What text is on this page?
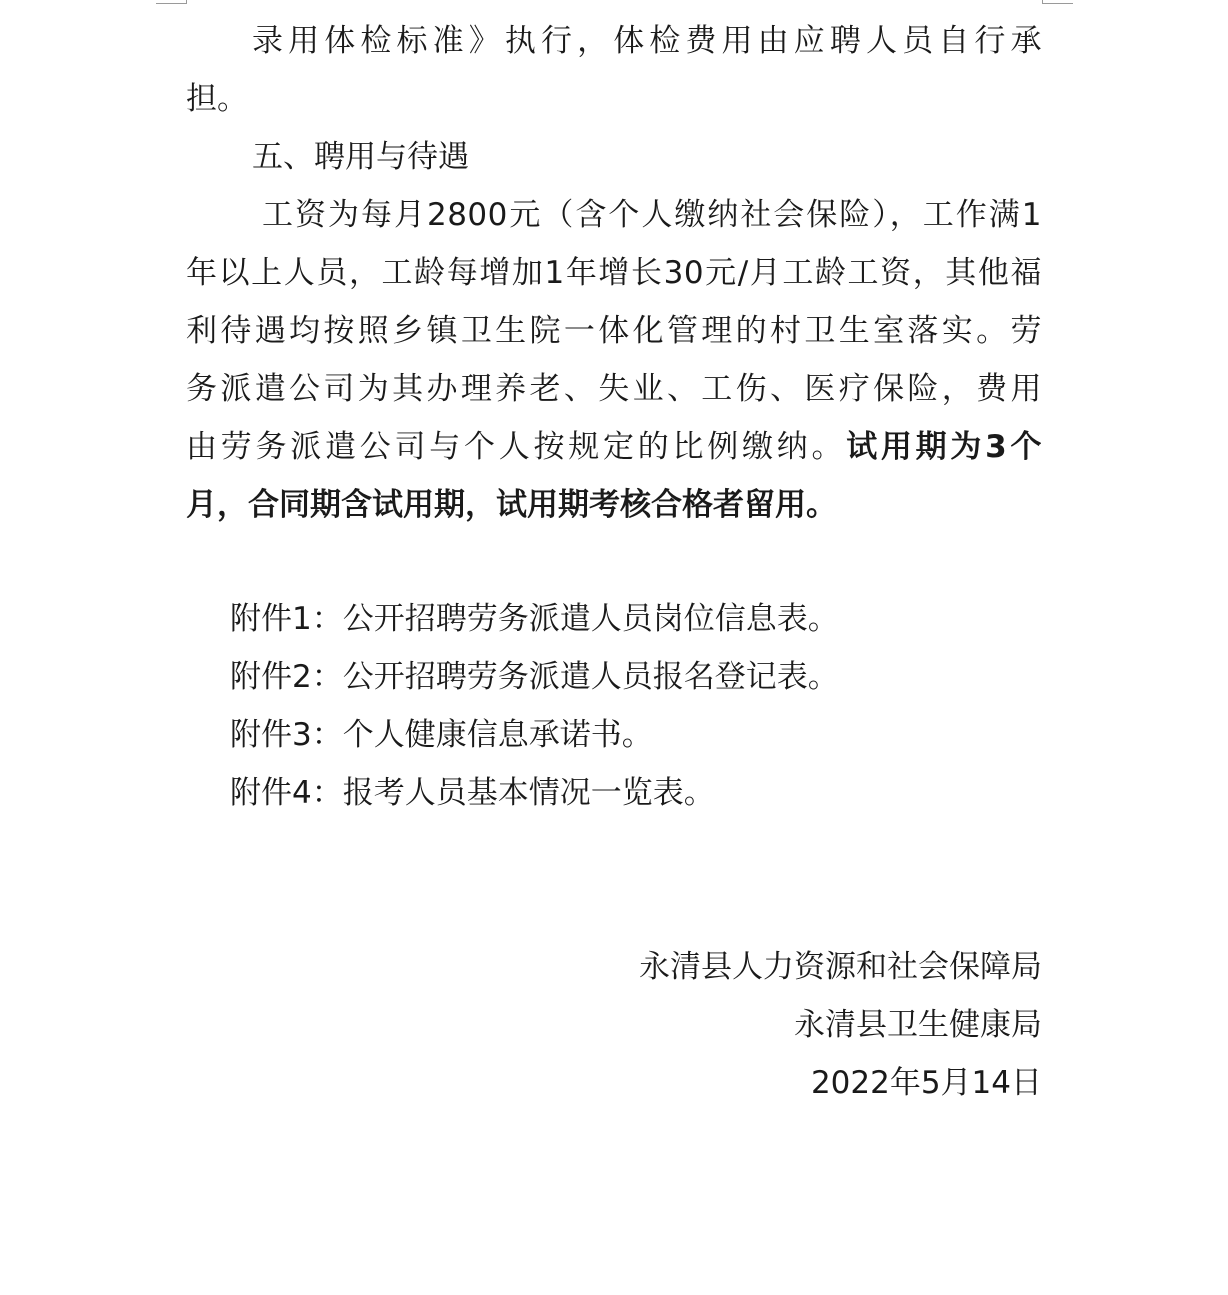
录用体检标准》执行，体检费用由应聘人员自行承
担。
五、聘用与待遇
工资为每月2800元（含个人缴纳社会保险），工作满1
年以上人员，工龄每增加1年增长30元/月工龄工资，其他福
利待遇均按照乡镇卫生院一体化管理的村卫生室落实。劳
务派遣公司为其办理养老、失业、工伤、医疗保险，费用
由劳务派遣公司与个人按规定的比例缴纳。试用期为3个
月，合同期含试用期，试用期考核合格者留用。
附件1：公开招聘劳务派遣人员岗位信息表。
附件2：公开招聘劳务派遣人员报名登记表。
附件3：个人健康信息承诺书。
附件4：报考人员基本情况一览表。
永清县人力资源和社会保障局
永清县卫生健康局
2022年5月14日
